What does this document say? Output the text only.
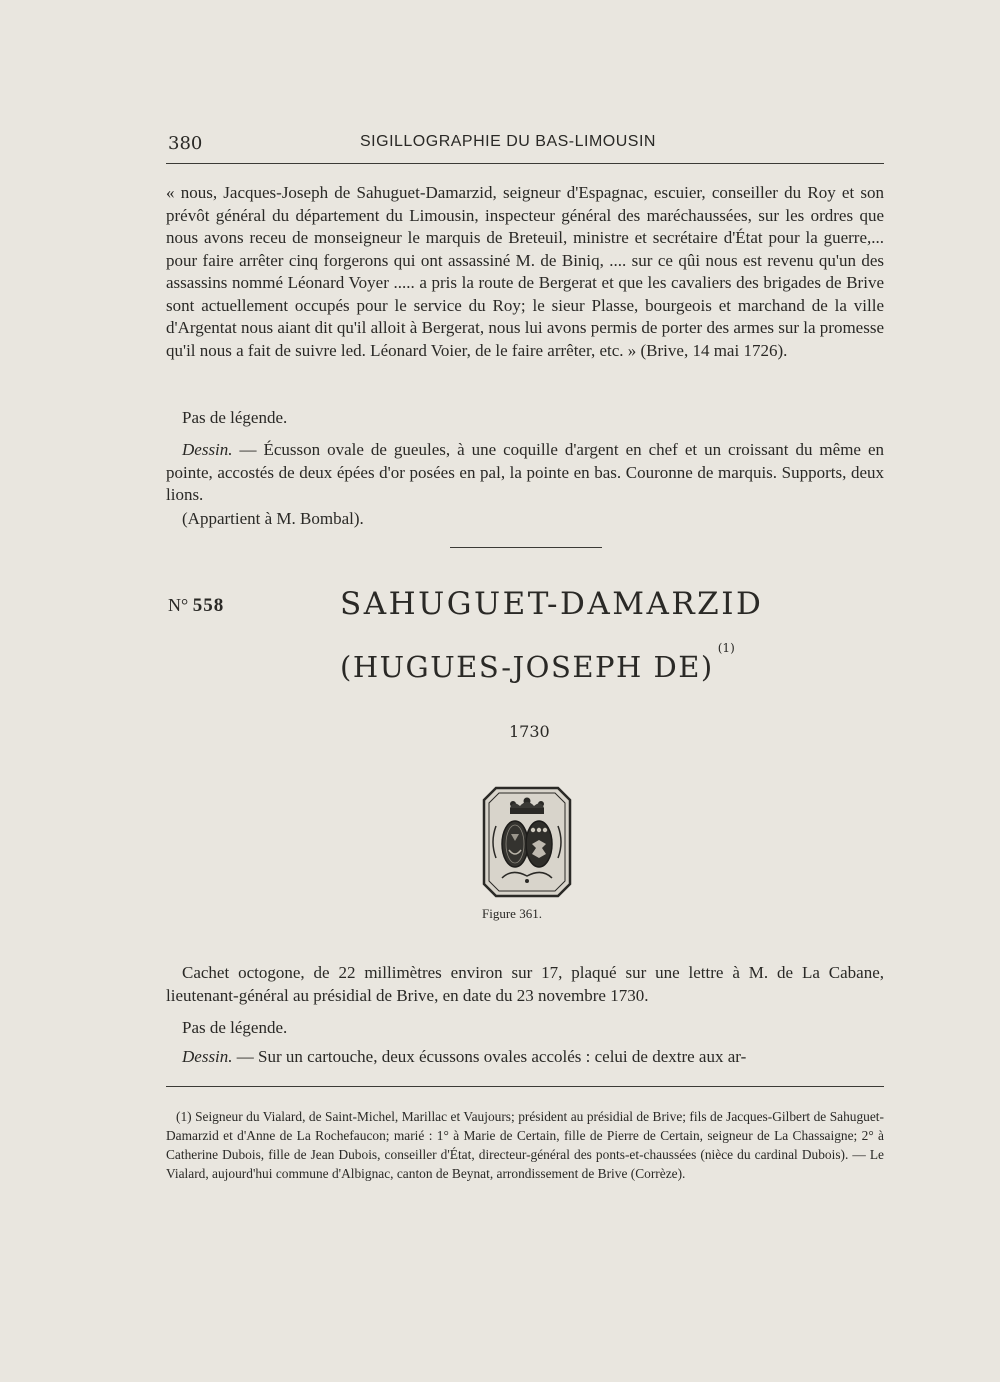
380	SIGILLOGRAPHIE DU BAS-LIMOUSIN

« nous, Jacques-Joseph de Sahuguet-Damarzid, seigneur d'Espagnac, escuier, conseiller du Roy et son prévôt général du département du Limousin, inspecteur général des maréchaussées, sur les ordres que nous avons receu de monseigneur le marquis de Breteuil, ministre et secrétaire d'État pour la guerre,... pour faire arrêter cinq forgerons qui ont assassiné M. de Biniq, .... sur ce qûi nous est revenu qu'un des assassins nommé Léonard Voyer ..... a pris la route de Bergerat et que les cavaliers des brigades de Brive sont actuellement occupés pour le service du Roy; le sieur Plasse, bourgeois et marchand de la ville d'Argentat nous aiant dit qu'il alloit à Bergerat, nous lui avons permis de porter des armes sur la promesse qu'il nous a fait de suivre led. Léonard Voier, de le faire arrêter, etc. » (Brive, 14 mai 1726).

Pas de légende.

Dessin. — Écusson ovale de gueules, à une coquille d'argent en chef et un croissant du même en pointe, accostés de deux épées d'or posées en pal, la pointe en bas. Couronne de marquis. Supports, deux lions.

(Appartient à M. Bombal).

N° 558	SAHUGUET-DAMARZID
(HUGUES-JOSEPH DE)$^{(1)}$
1730
Figure 361.

Cachet octogone, de 22 millimètres environ sur 17, plaqué sur une lettre à M. de La Cabane, lieutenant-général au présidial de Brive, en date du 23 novembre 1730.

Pas de légende.

Dessin. — Sur un cartouche, deux écussons ovales accolés : celui de dextre aux ar-

(1) Seigneur du Vialard, de Saint-Michel, Marillac et Vaujours; président au présidial de Brive; fils de Jacques-Gilbert de Sahuguet-Damarzid et d'Anne de La Rochefaucon; marié : 1° à Marie de Certain, fille de Pierre de Certain, seigneur de La Chassaigne; 2° à Catherine Dubois, fille de Jean Dubois, conseiller d'État, directeur-général des ponts-et-chaussées (nièce du cardinal Dubois). — Le Vialard, aujourd'hui commune d'Albignac, canton de Beynat, arrondissement de Brive (Corrèze).
